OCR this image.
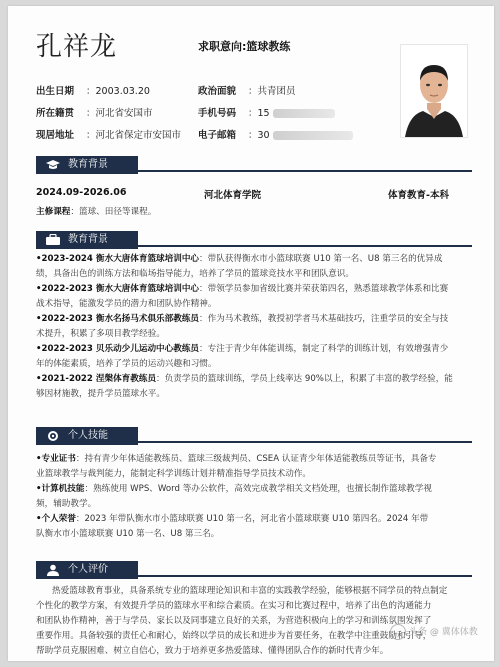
孔祥龙	求职意向:篮球教练
出生日期 ：2003.03.20	政治面貌 ：共青团员
所在籍贯 ：河北省安国市	手机号码 ：15
现居地址 ：河北省保定市安国市 电子邮箱 ：30
教育背景
2024.09-2026.06	河北体育学院	体育教育-本科
主修课程：篮球、田径等课程。
教育背景
•2023-2024 衡水大唐体育篮球培训中心：带队获得衡水市小篮球联赛 U10 第一名、U8 第三名的优异成
绩，具备出色的训练方法和临场指导能力，培养了学员的篮球竞技水平和团队意识。
•2022-2023 衡水大唐体育篮球培训中心：带领学员参加省级比赛并荣获第四名，熟悉篮球教学体系和比赛
战术指导，能激发学员的潜力和团队协作精神。
•2022-2023 衡水名扬马术俱乐部教练员：作为马术教练，教授初学者马术基础技巧，注重学员的安全与技
术提升，积累了多项目教学经验。
•2022-2023 贝乐动少儿运动中心教练员：专注于青少年体能训练，制定了科学的训练计划，有效增强青少
年的体能素质，培养了学员的运动兴趣和习惯。
•2021-2022 涅槃体育教练员：负责学员的篮球训练，学员上线率达 90%以上，积累了丰富的教学经验，能
够因材施教，提升学员篮球水平。
个人技能
•专业证书：持有青少年体适能教练员、篮球三级裁判员、CSEA 认证青少年体适能教练员等证书，具备专
业篮球教学与裁判能力，能制定科学训练计划并精准指导学员技术动作。
•计算机技能：熟练使用 WPS、Word 等办公软件，高效完成教学相关文档处理，也擅长制作篮球教学视
频，辅助教学。
•个人荣誉：2023 年带队衡水市小篮球联赛 U10 第一名，河北省小篮球联赛 U10 第四名。2024 年带
队衡水市小篮球联赛 U10 第一名、U8 第三名。
个人评价
热爱篮球教育事业，具备系统专业的篮球理论知识和丰富的实践教学经验，能够根据不同学员的特点制定
个性化的教学方案，有效提升学员的篮球水平和综合素质。在实习和比赛过程中，培养了出色的沟通能力
和团队协作精神，善于与学员、家长以及同事建立良好的关系，为营造积极向上的学习和训练氛围发挥了
重要作用。具备较强的责任心和耐心，始终以学员的成长和进步为首要任务，在教学中注重鼓励和引导，
帮助学员克服困难、树立自信心，致力于培养更多热爱篮球、懂得团队合作的新时代青少年。
头条 @ 冀体体教
